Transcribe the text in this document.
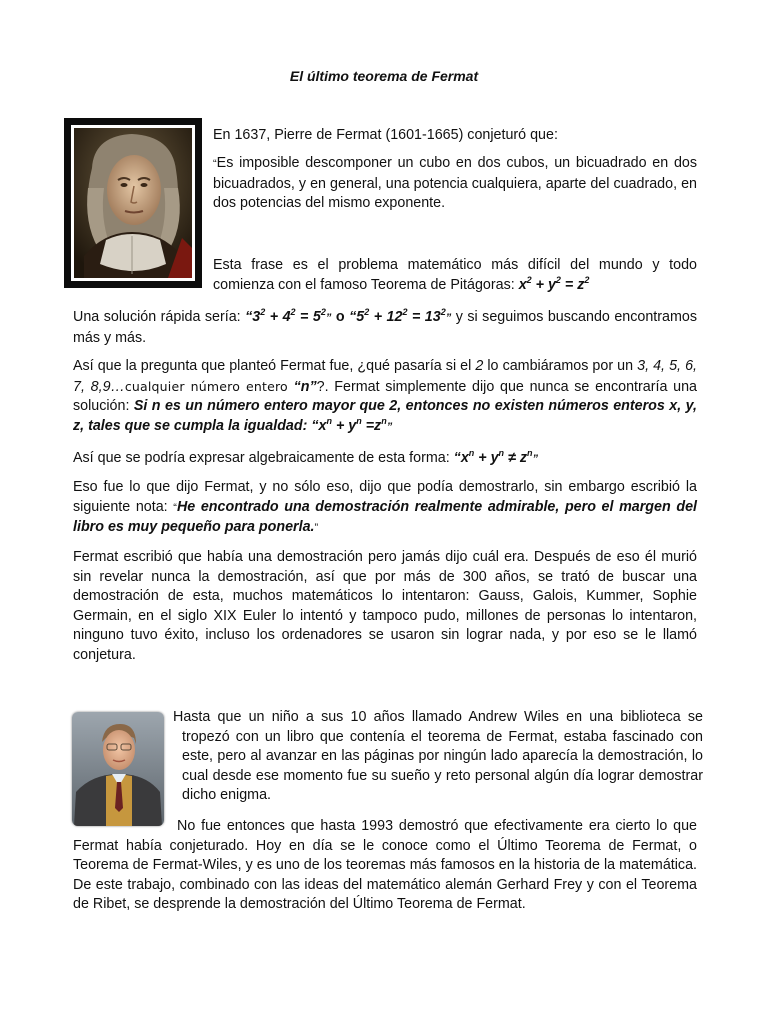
El último teorema de Fermat

En 1637, Pierre de Fermat (1601-1665) conjeturó que:

“Es imposible descomponer un cubo en dos cubos, un bicuadrado en dos bicuadrados, y en general, una potencia cualquiera, aparte del cuadrado, en dos potencias del mismo exponente.

Esta frase es el problema matemático más difícil del mundo y todo comienza con el famoso Teorema de Pitágoras: $x^2 + y^2 = z^2$

Una solución rápida sería: “$3^2 + 4^2 = 5^2$” o “$5^2 + 12^2 = 13^2$” y si seguimos buscando encontramos más y más.

Así que la pregunta que planteó Fermat fue, ¿qué pasaría si el 2 lo cambiáramos por un 3, 4, 5, 6, 7, 8,9…cualquier número entero “n”?. Fermat simplemente dijo que nunca se encontraría una solución: Si n es un número entero mayor que 2, entonces no existen números enteros x, y, z, tales que se cumpla la igualdad: “$x^n + y^n =z^n$”

Así que se podría expresar algebraicamente de esta forma: “$x^n + y^n \ne z^n$”

Eso fue lo que dijo Fermat, y no sólo eso, dijo que podía demostrarlo, sin embargo escribió la siguiente nota: “He encontrado una demostración realmente admirable, pero el margen del libro es muy pequeño para ponerla.”

Fermat escribió que había una demostración pero jamás dijo cuál era. Después de eso él murió sin revelar nunca la demostración, así que por más de 300 años, se trató de buscar una demostración de esta, muchos matemáticos lo intentaron: Gauss, Galois, Kummer, Sophie Germain, en el siglo XIX Euler lo intentó y tampoco pudo, millones de personas lo intentaron, ninguno tuvo éxito, incluso los ordenadores se usaron sin lograr nada, y por eso se le llamó conjetura.

Hasta que un niño a sus 10 años llamado Andrew Wiles en una biblioteca se tropezó con un libro que contenía el teorema de Fermat, estaba fascinado con este, pero al avanzar en las páginas por ningún lado aparecía la demostración, lo cual desde ese momento fue su sueño y reto personal algún día lograr demostrar dicho enigma.

No fue entonces que hasta 1993 demostró que efectivamente era cierto lo que Fermat había conjeturado. Hoy en día se le conoce como el Último Teorema de Fermat, o Teorema de Fermat-Wiles, y es uno de los teoremas más famosos en la historia de la matemática. De este trabajo, combinado con las ideas del matemático alemán Gerhard Frey y con el Teorema de Ribet, se desprende la demostración del Último Teorema de Fermat.
